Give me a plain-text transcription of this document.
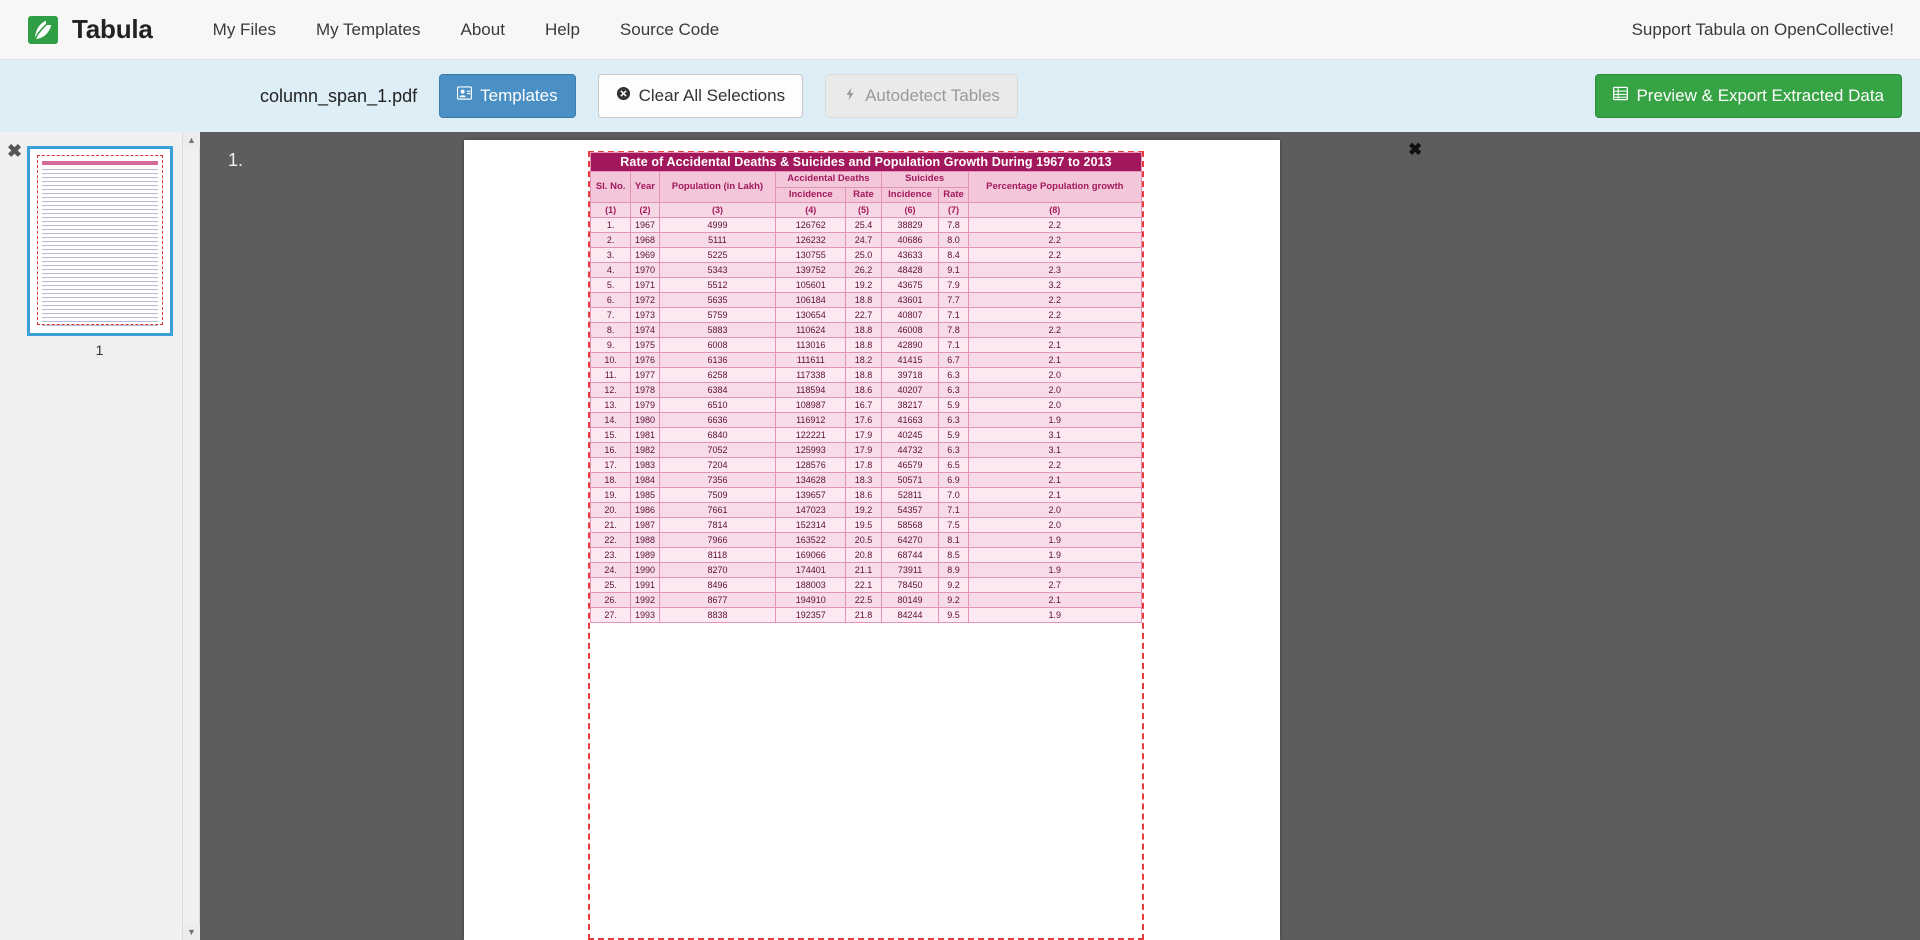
Tabula	My Files	My Templates	About	Help	Source Code	Support Tabula on OpenCollective!
column_span_1.pdf	Templates	Clear All Selections	Autodetect Tables	Preview & Export Extracted Data
✖
1
▲
▼
1.
✖
Rate of Accidental Deaths & Suicides and Population Growth During 1967 to 2013							
Sl. No.	Year	Population (in Lakh)	Accidental Deaths		Suicides		Percentage Population growth
			Incidence	Rate	Incidence	Rate	
(1)	(2)	(3)	(4)	(5)	(6)	(7)	(8)
1.	1967	4999	126762	25.4	38829	7.8	2.2
2.	1968	5111	126232	24.7	40686	8.0	2.2
3.	1969	5225	130755	25.0	43633	8.4	2.2
4.	1970	5343	139752	26.2	48428	9.1	2.3
5.	1971	5512	105601	19.2	43675	7.9	3.2
6.	1972	5635	106184	18.8	43601	7.7	2.2
7.	1973	5759	130654	22.7	40807	7.1	2.2
8.	1974	5883	110624	18.8	46008	7.8	2.2
9.	1975	6008	113016	18.8	42890	7.1	2.1
10.	1976	6136	111611	18.2	41415	6.7	2.1
11.	1977	6258	117338	18.8	39718	6.3	2.0
12.	1978	6384	118594	18.6	40207	6.3	2.0
13.	1979	6510	108987	16.7	38217	5.9	2.0
14.	1980	6636	116912	17.6	41663	6.3	1.9
15.	1981	6840	122221	17.9	40245	5.9	3.1
16.	1982	7052	125993	17.9	44732	6.3	3.1
17.	1983	7204	128576	17.8	46579	6.5	2.2
18.	1984	7356	134628	18.3	50571	6.9	2.1
19.	1985	7509	139657	18.6	52811	7.0	2.1
20.	1986	7661	147023	19.2	54357	7.1	2.0
21.	1987	7814	152314	19.5	58568	7.5	2.0
22.	1988	7966	163522	20.5	64270	8.1	1.9
23.	1989	8118	169066	20.8	68744	8.5	1.9
24.	1990	8270	174401	21.1	73911	8.9	1.9
25.	1991	8496	188003	22.1	78450	9.2	2.7
26.	1992	8677	194910	22.5	80149	9.2	2.1
27.	1993	8838	192357	21.8	84244	9.5	1.9
